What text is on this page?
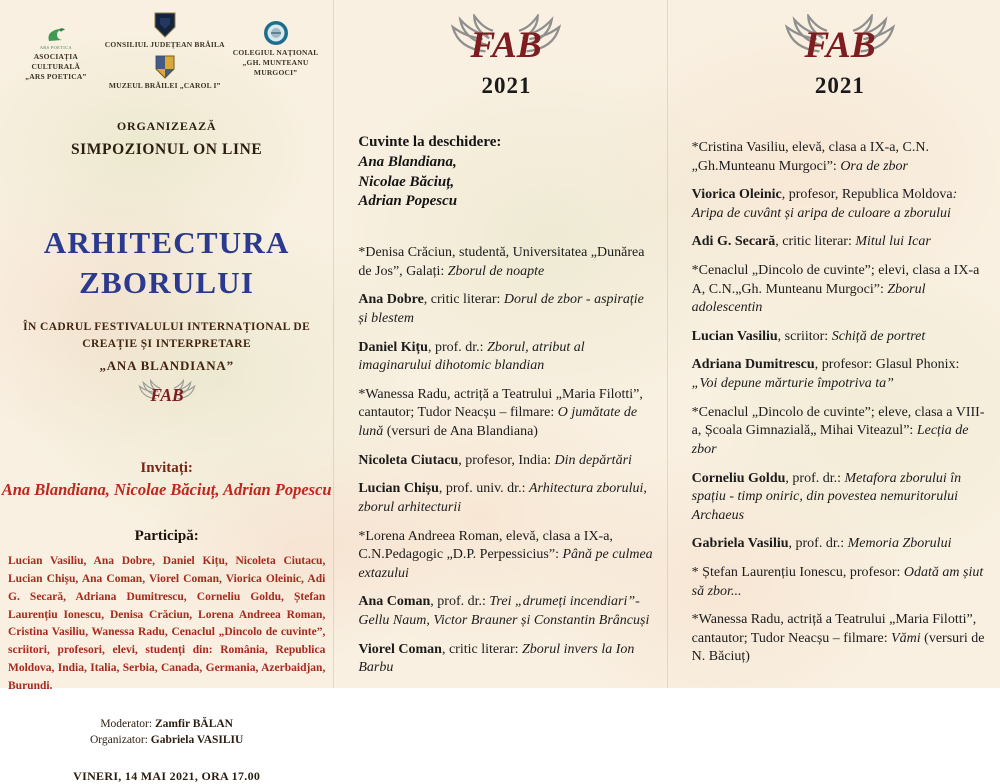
ARS POETICA
ASOCIAȚIA CULTURALĂ
„ARS POETICA”
CONSILIUL JUDEȚEAN BRĂILA
MUZEUL BRĂILEI „CAROL I”
COLEGIUL NAȚIONAL
„GH. MUNTEANU MURGOCI”
ORGANIZEAZĂ
SIMPOZIONUL ON LINE
ARHITECTURA
ZBORULUI
ÎN CADRUL FESTIVALULUI INTERNAȚIONAL DE
CREAȚIE ȘI INTERPRETARE
„ANA BLANDIANA”
FAB
Invitați:
Ana Blandiana, Nicolae Băciuț, Adrian Popescu
Participă:
Lucian Vasiliu, Ana Dobre, Daniel Kițu, Nicoleta Ciutacu, Lucian Chișu, Ana Coman, Viorel Coman, Viorica Oleinic, Adi G. Secară, Adriana Dumitrescu, Corneliu Goldu, Ștefan Laurențiu Ionescu, Denisa Crăciun, Lorena Andreea Roman, Cristina Vasiliu, Wanessa Radu, Cenaclul „Dincolo de cuvinte”, scriitori, profesori, elevi, studenți din: România, Republica Moldova, India, Italia, Serbia, Canada, Germania, Azerbaidjan, Burundi.
Moderator: Zamfir BĂLAN
Organizator: Gabriela VASILIU
VINERI, 14 MAI 2021, ORA 17.00
FAB
2021
Cuvinte la deschidere:
Ana Blandiana,
Nicolae Băciuț,
Adrian Popescu

*Denisa Crăciun, studentă, Universitatea „Dunărea de Jos”, Galați: Zborul de noapte

Ana Dobre, critic literar: Dorul de zbor - aspirație și blestem

Daniel Kițu, prof. dr.: Zborul, atribut al imaginarului dihotomic blandian

*Wanessa Radu, actriță a Teatrului „Maria Filotti”, cantautor; Tudor Neacșu – filmare: O jumătate de lună (versuri de Ana Blandiana)

Nicoleta Ciutacu, profesor, India: Din depărtări

Lucian Chișu, prof. univ. dr.: Arhitectura zborului, zborul arhitecturii

*Lorena Andreea Roman, elevă, clasa a IX-a, C.N.Pedagogic „D.P. Perpessicius”: Până pe culmea extazului

Ana Coman, prof. dr.: Trei „drumeți incendiari”- Gellu Naum, Victor Brauner și Constantin Brâncuși

Viorel Coman, critic literar: Zborul invers la Ion Barbu

FAB
2021

*Cristina Vasiliu, elevă, clasa a IX-a, C.N.„Gh.Munteanu Murgoci”: Ora de zbor

Viorica Oleinic, profesor, Republica Moldova: Aripa de cuvânt și aripa de culoare a zborului

Adi G. Secară, critic literar: Mitul lui Icar

*Cenaclul „Dincolo de cuvinte”; elevi, clasa a IX-a A, C.N.„Gh. Munteanu Murgoci”: Zborul adolescentin

Lucian Vasiliu, scriitor: Schiță de portret

Adriana Dumitrescu, profesor: Glasul Phonix: „Voi depune mărturie împotriva ta”

*Cenaclul „Dincolo de cuvinte”; eleve, clasa a VIII-a, Școala Gimnazială„ Mihai Viteazul”: Lecția de zbor

Corneliu Goldu, prof. dr.: Metafora zborului în spațiu - timp oniric, din povestea nemuritorului Archaeus

Gabriela Vasiliu, prof. dr.: Memoria Zborului

* Ștefan Laurențiu Ionescu, profesor: Odată am șiut să zbor...

*Wanessa Radu, actriță a Teatrului „Maria Filotti”, cantautor; Tudor Neacșu – filmare: Vămi (versuri de N. Băciuț)
